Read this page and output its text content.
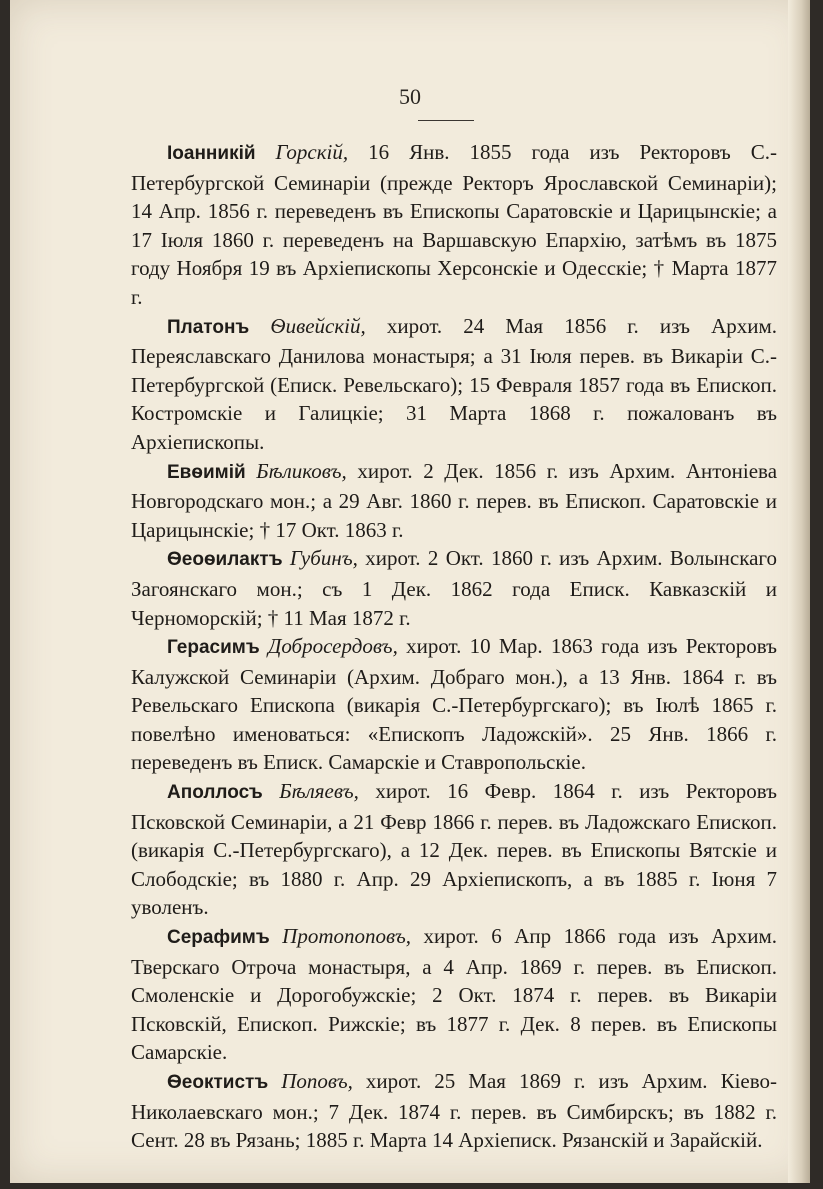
50

Іоанникій Горскій, 16 Янв. 1855 года изъ Ректоровъ С.-Петербургской Семинаріи (прежде Ректоръ Ярославской Семинаріи); 14 Апр. 1856 г. переведенъ въ Епископы Саратовскіе и Царицынскіе; а 17 Іюля 1860 г. переведенъ на Варшавскую Епархію, затѣмъ въ 1875 году Ноября 19 въ Архіепископы Херсонскіе и Одесскіе; † Марта 1877 г.

Платонъ Ѳивейскій, хирот. 24 Мая 1856 г. изъ Архим. Переяславскаго Данилова монастыря; а 31 Іюля перев. въ Викаріи С.-Петербургской (Еписк. Ревельскаго); 15 Февраля 1857 года въ Епископ. Костромскіе и Галицкіе; 31 Марта 1868 г. пожалованъ въ Архіепископы.

Евѳимій Бѣликовъ, хирот. 2 Дек. 1856 г. изъ Архим. Антоніева Новгородскаго мон.; а 29 Авг. 1860 г. перев. въ Епископ. Саратовскіе и Царицынскіе; † 17 Окт. 1863 г.

Ѳеоѳилактъ Губинъ, хирот. 2 Окт. 1860 г. изъ Архим. Волынскаго Загоянскаго мон.; съ 1 Дек. 1862 года Еписк. Кавказскій и Черноморскій; † 11 Мая 1872 г.

Герасимъ Добросердовъ, хирот. 10 Мар. 1863 года изъ Ректоровъ Калужской Семинаріи (Архим. Добраго мон.), а 13 Янв. 1864 г. въ Ревельскаго Епископа (викарія С.-Петербургскаго); въ Іюлѣ 1865 г. повелѣно именоваться: «Епископъ Ладожскій». 25 Янв. 1866 г. переведенъ въ Еписк. Самарскіе и Ставропольскіе.

Аполлосъ Бѣляевъ, хирот. 16 Февр. 1864 г. изъ Ректоровъ Псковской Семинаріи, а 21 Февр 1866 г. перев. въ Ладожскаго Епископ. (викарія С.-Петербургскаго), а 12 Дек. перев. въ Епископы Вятскіе и Слободскіе; въ 1880 г. Апр. 29 Архіепископъ, а въ 1885 г. Іюня 7 уволенъ.

Серафимъ Протопоповъ, хирот. 6 Апр 1866 года изъ Архим. Тверскаго Отроча монастыря, а 4 Апр. 1869 г. перев. въ Епископ. Смоленскіе и Дорогобужскіе; 2 Окт. 1874 г. перев. въ Викаріи Псковскій, Епископ. Рижскіе; въ 1877 г. Дек. 8 перев. въ Епископы Самарскіе.

Ѳеоктистъ Поповъ, хирот. 25 Мая 1869 г. изъ Архим. Кіево-Николаевскаго мон.; 7 Дек. 1874 г. перев. въ Симбирскъ; въ 1882 г. Сент. 28 въ Рязань; 1885 г. Марта 14 Архіеписк. Рязанскій и Зарайскій.
